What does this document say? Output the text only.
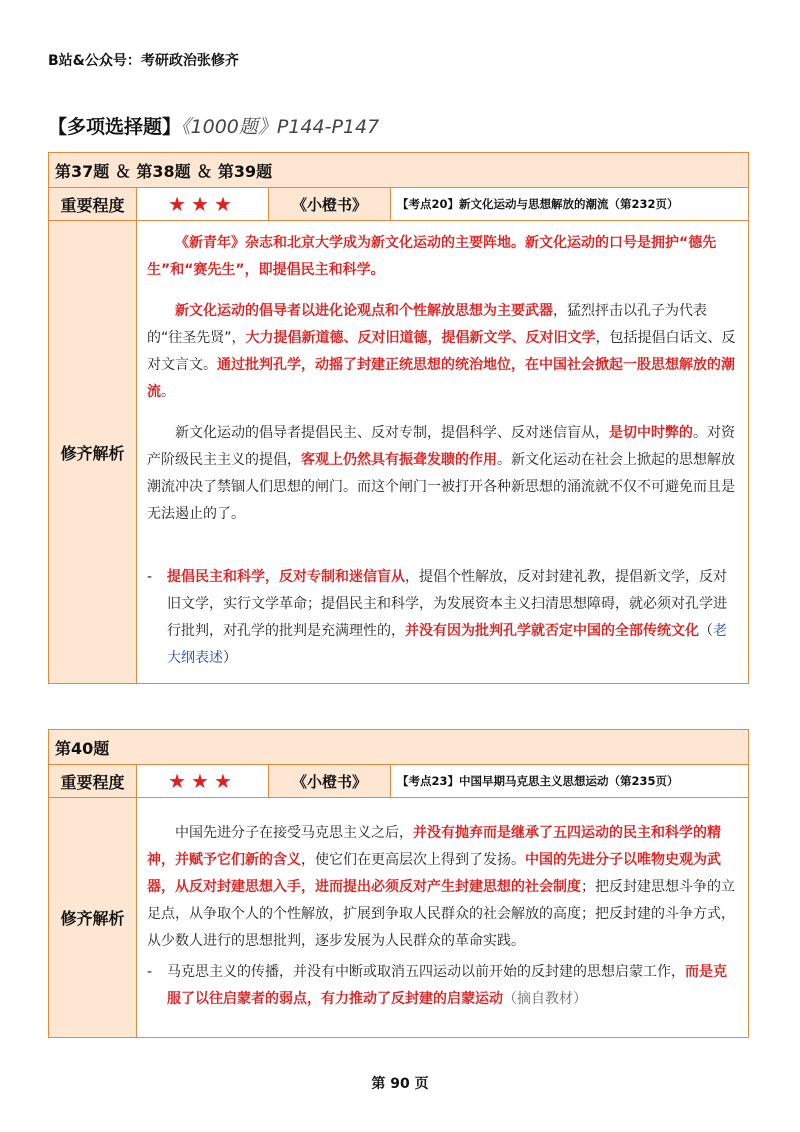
B站&公众号：考研政治张修齐
【多项选择题】《1000题》P144-P147
第37题 ＆ 第38题 ＆ 第39题			
重要程度	★★★	《小橙书》	【考点20】新文化运动与思想解放的潮流（第232页）
修齐解析	《新青年》杂志和北京大学成为新文化运动的主要阵地。新文化运动的口号是拥护“德先生”和“赛先生”，即提倡民主和科学。

新文化运动的倡导者以进化论观点和个性解放思想为主要武器，猛烈抨击以孔子为代表的“往圣先贤”，大力提倡新道德、反对旧道德，提倡新文学、反对旧文学，包括提倡白话文、反对文言文。通过批判孔学，动摇了封建正统思想的统治地位，在中国社会掀起一股思想解放的潮流。

新文化运动的倡导者提倡民主、反对专制，提倡科学、反对迷信盲从，是切中时弊的。对资产阶级民主主义的提倡，客观上仍然具有振聋发聩的作用。新文化运动在社会上掀起的思想解放潮流冲决了禁锢人们思想的闸门。而这个闸门一被打开各种新思想的涌流就不仅不可避免而且是无法遏止的了。

- 提倡民主和科学，反对专制和迷信盲从，提倡个性解放，反对封建礼教，提倡新文学，反对旧文学，实行文学革命；提倡民主和科学，为发展资本主义扫清思想障碍，就必须对孔学进行批判，对孔学的批判是充满理性的，并没有因为批判孔学就否定中国的全部传统文化（老大纲表述）		

第40题			
重要程度	★★★	《小橙书》	【考点23】中国早期马克思主义思想运动（第235页）
修齐解析	中国先进分子在接受马克思主义之后，并没有抛弃而是继承了五四运动的民主和科学的精神，并赋予它们新的含义，使它们在更高层次上得到了发扬。中国的先进分子以唯物史观为武器，从反对封建思想入手，进而提出必须反对产生封建思想的社会制度；把反封建思想斗争的立足点，从争取个人的个性解放，扩展到争取人民群众的社会解放的高度；把反封建的斗争方式，从少数人进行的思想批判，逐步发展为人民群众的革命实践。

- 马克思主义的传播，并没有中断或取消五四运动以前开始的反封建的思想启蒙工作，而是克服了以往启蒙者的弱点，有力推动了反封建的启蒙运动（摘自教材）		

第 90 页
